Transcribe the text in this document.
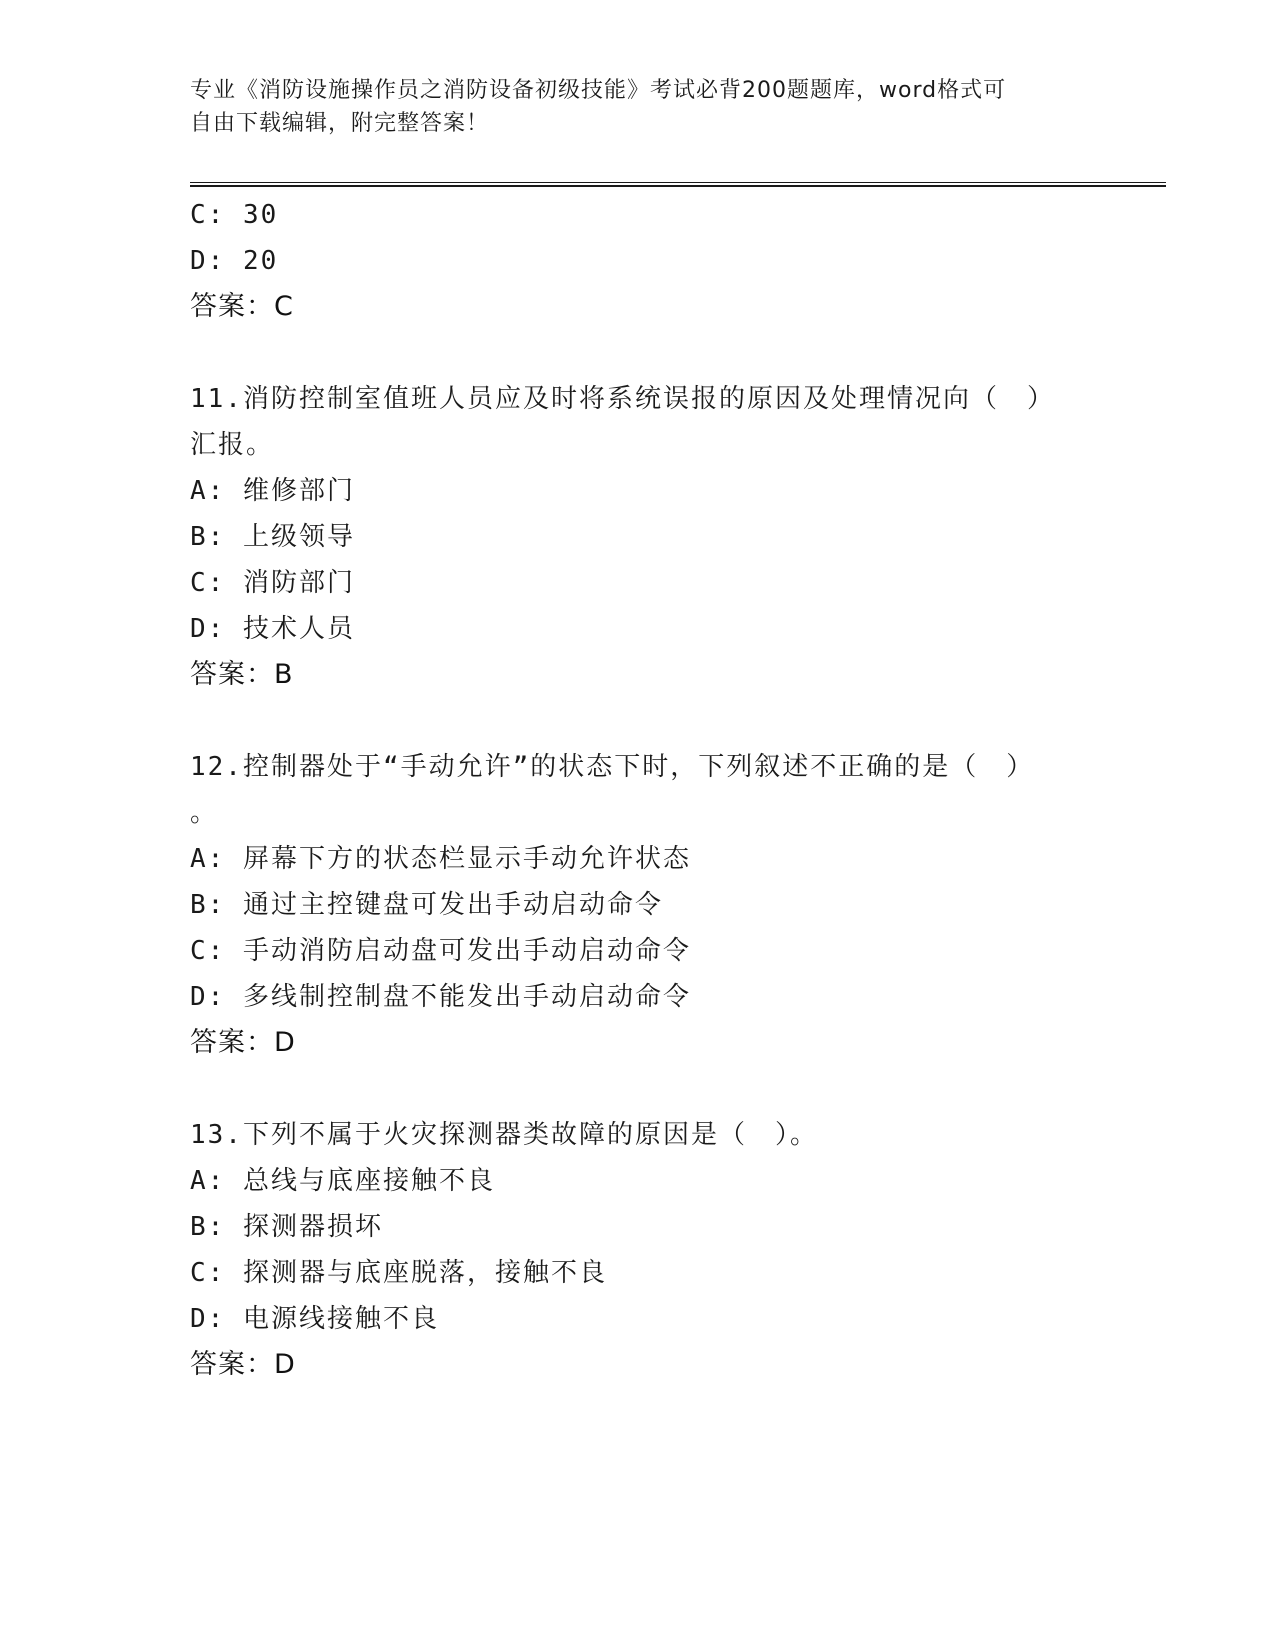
专业《消防设施操作员之消防设备初级技能》考试必背200题题库，word格式可
自由下载编辑，附完整答案！
C: 30
D: 20
答案：C
11.消防控制室值班人员应及时将系统误报的原因及处理情况向（　）
汇报。
A: 维修部门
B: 上级领导
C: 消防部门
D: 技术人员
答案：B
12.控制器处于“手动允许”的状态下时，下列叙述不正确的是（　）
。
A: 屏幕下方的状态栏显示手动允许状态
B: 通过主控键盘可发出手动启动命令
C: 手动消防启动盘可发出手动启动命令
D: 多线制控制盘不能发出手动启动命令
答案：D
13.下列不属于火灾探测器类故障的原因是（　）。
A: 总线与底座接触不良
B: 探测器损坏
C: 探测器与底座脱落，接触不良
D: 电源线接触不良
答案：D
